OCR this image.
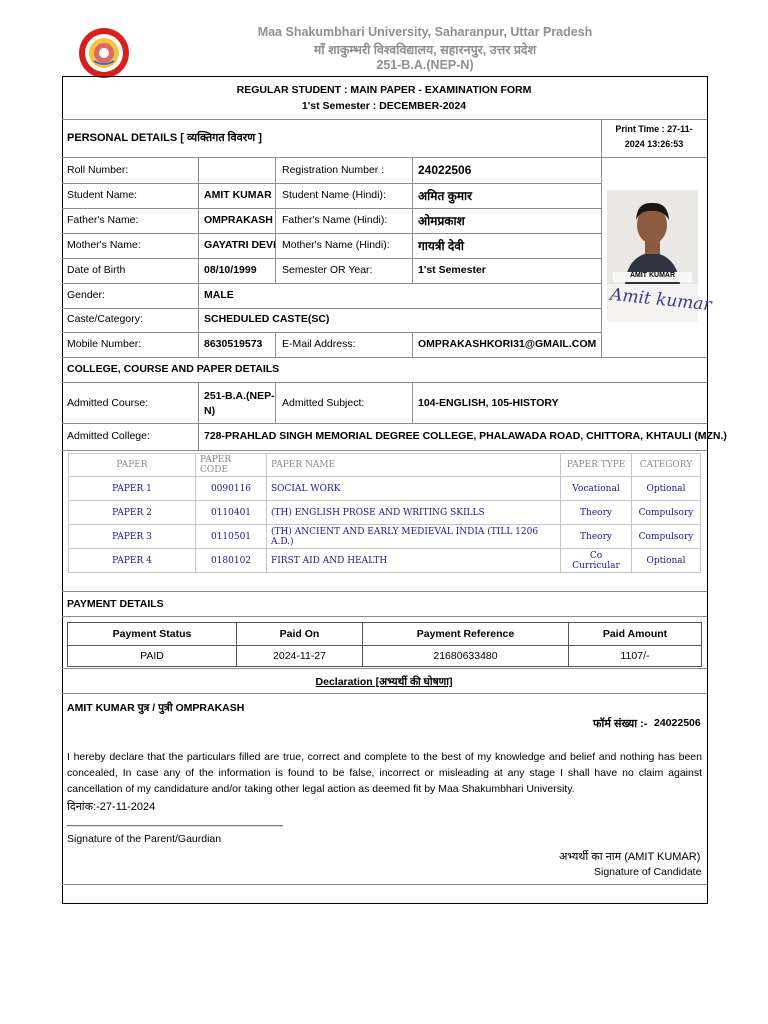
Maa Shakumbhari University, Saharanpur, Uttar Pradesh
माँ शाकुम्भरी विश्वविद्यालय, सहारनपुर, उत्तर प्रदेश
251-B.A.(NEP-N)
REGULAR STUDENT : MAIN PAPER - EXAMINATION FORM
1'st Semester : DECEMBER-2024
PERSONAL DETAILS [ व्यक्तिगत विवरण ]
Print Time : 27-11-
2024 13:26:53
Roll Number:	Registration Number :	24022506
Student Name:	AMIT KUMAR Student Name (Hindi):	अमित कुमार
Father's Name:	OMPRAKASH Father's Name (Hindi):	ओमप्रकाश
Mother's Name:	GAYATRI DEVI Mother's Name (Hindi): गायत्री देवी
Date of Birth	08/10/1999 Semester OR Year:	1'st Semester
Gender:	MALE
Caste/Category:	SCHEDULED CASTE(SC)
Mobile Number:	8630519573 E-Mail Address:	OMPRAKASHKORI31@GMAIL.COM
AMIT KUMAR
Amit kumar
COLLEGE, COURSE AND PAPER DETAILS
Admitted Course:
251-B.A.(NEP-
N)
Admitted Subject:	104-ENGLISH, 105-HISTORY
Admitted College:	728-PRAHLAD SINGH MEMORIAL DEGREE COLLEGE, PHALAWADA ROAD, CHITTORA, KHTAULI (MZN.)
PAPER	PAPER CODE	PAPER NAME	PAPER TYPE	CATEGORY
PAPER 1	0090116	SOCIAL WORK	Vocational	Optional
PAPER 2	0110401	(TH) ENGLISH PROSE AND WRITING SKILLS	Theory	Compulsory
PAPER 3	0110501	(TH) ANCIENT AND EARLY MEDIEVAL INDIA (TILL 1206 A.D.)	Theory	Compulsory
PAPER 4	0180102	FIRST AID AND HEALTH	Co Curricular	Optional
PAYMENT DETAILS
Payment Status	Paid On	Payment Reference	Paid Amount
PAID	2024-11-27	21680633480	1107/-
Declaration [अभ्यर्थी की घोषणा]
AMIT KUMAR पुत्र / पुत्री OMPRAKASH
फॉर्म संख्या :- 24022506
I hereby declare that the particulars filled are true, correct and complete to the best of my knowledge and belief and nothing has been concealed, In case any of the information is found to be false, incorrect or misleading at any stage I shall have no claim against cancellation of my candidature and/or taking other legal action as deemed fit by Maa Shakumbhari University.
दिनांक:-27-11-2024
_____________________________________
Signature of the Parent/Gaurdian
अभ्यर्थी का नाम (AMIT KUMAR)
Signature of Candidate
